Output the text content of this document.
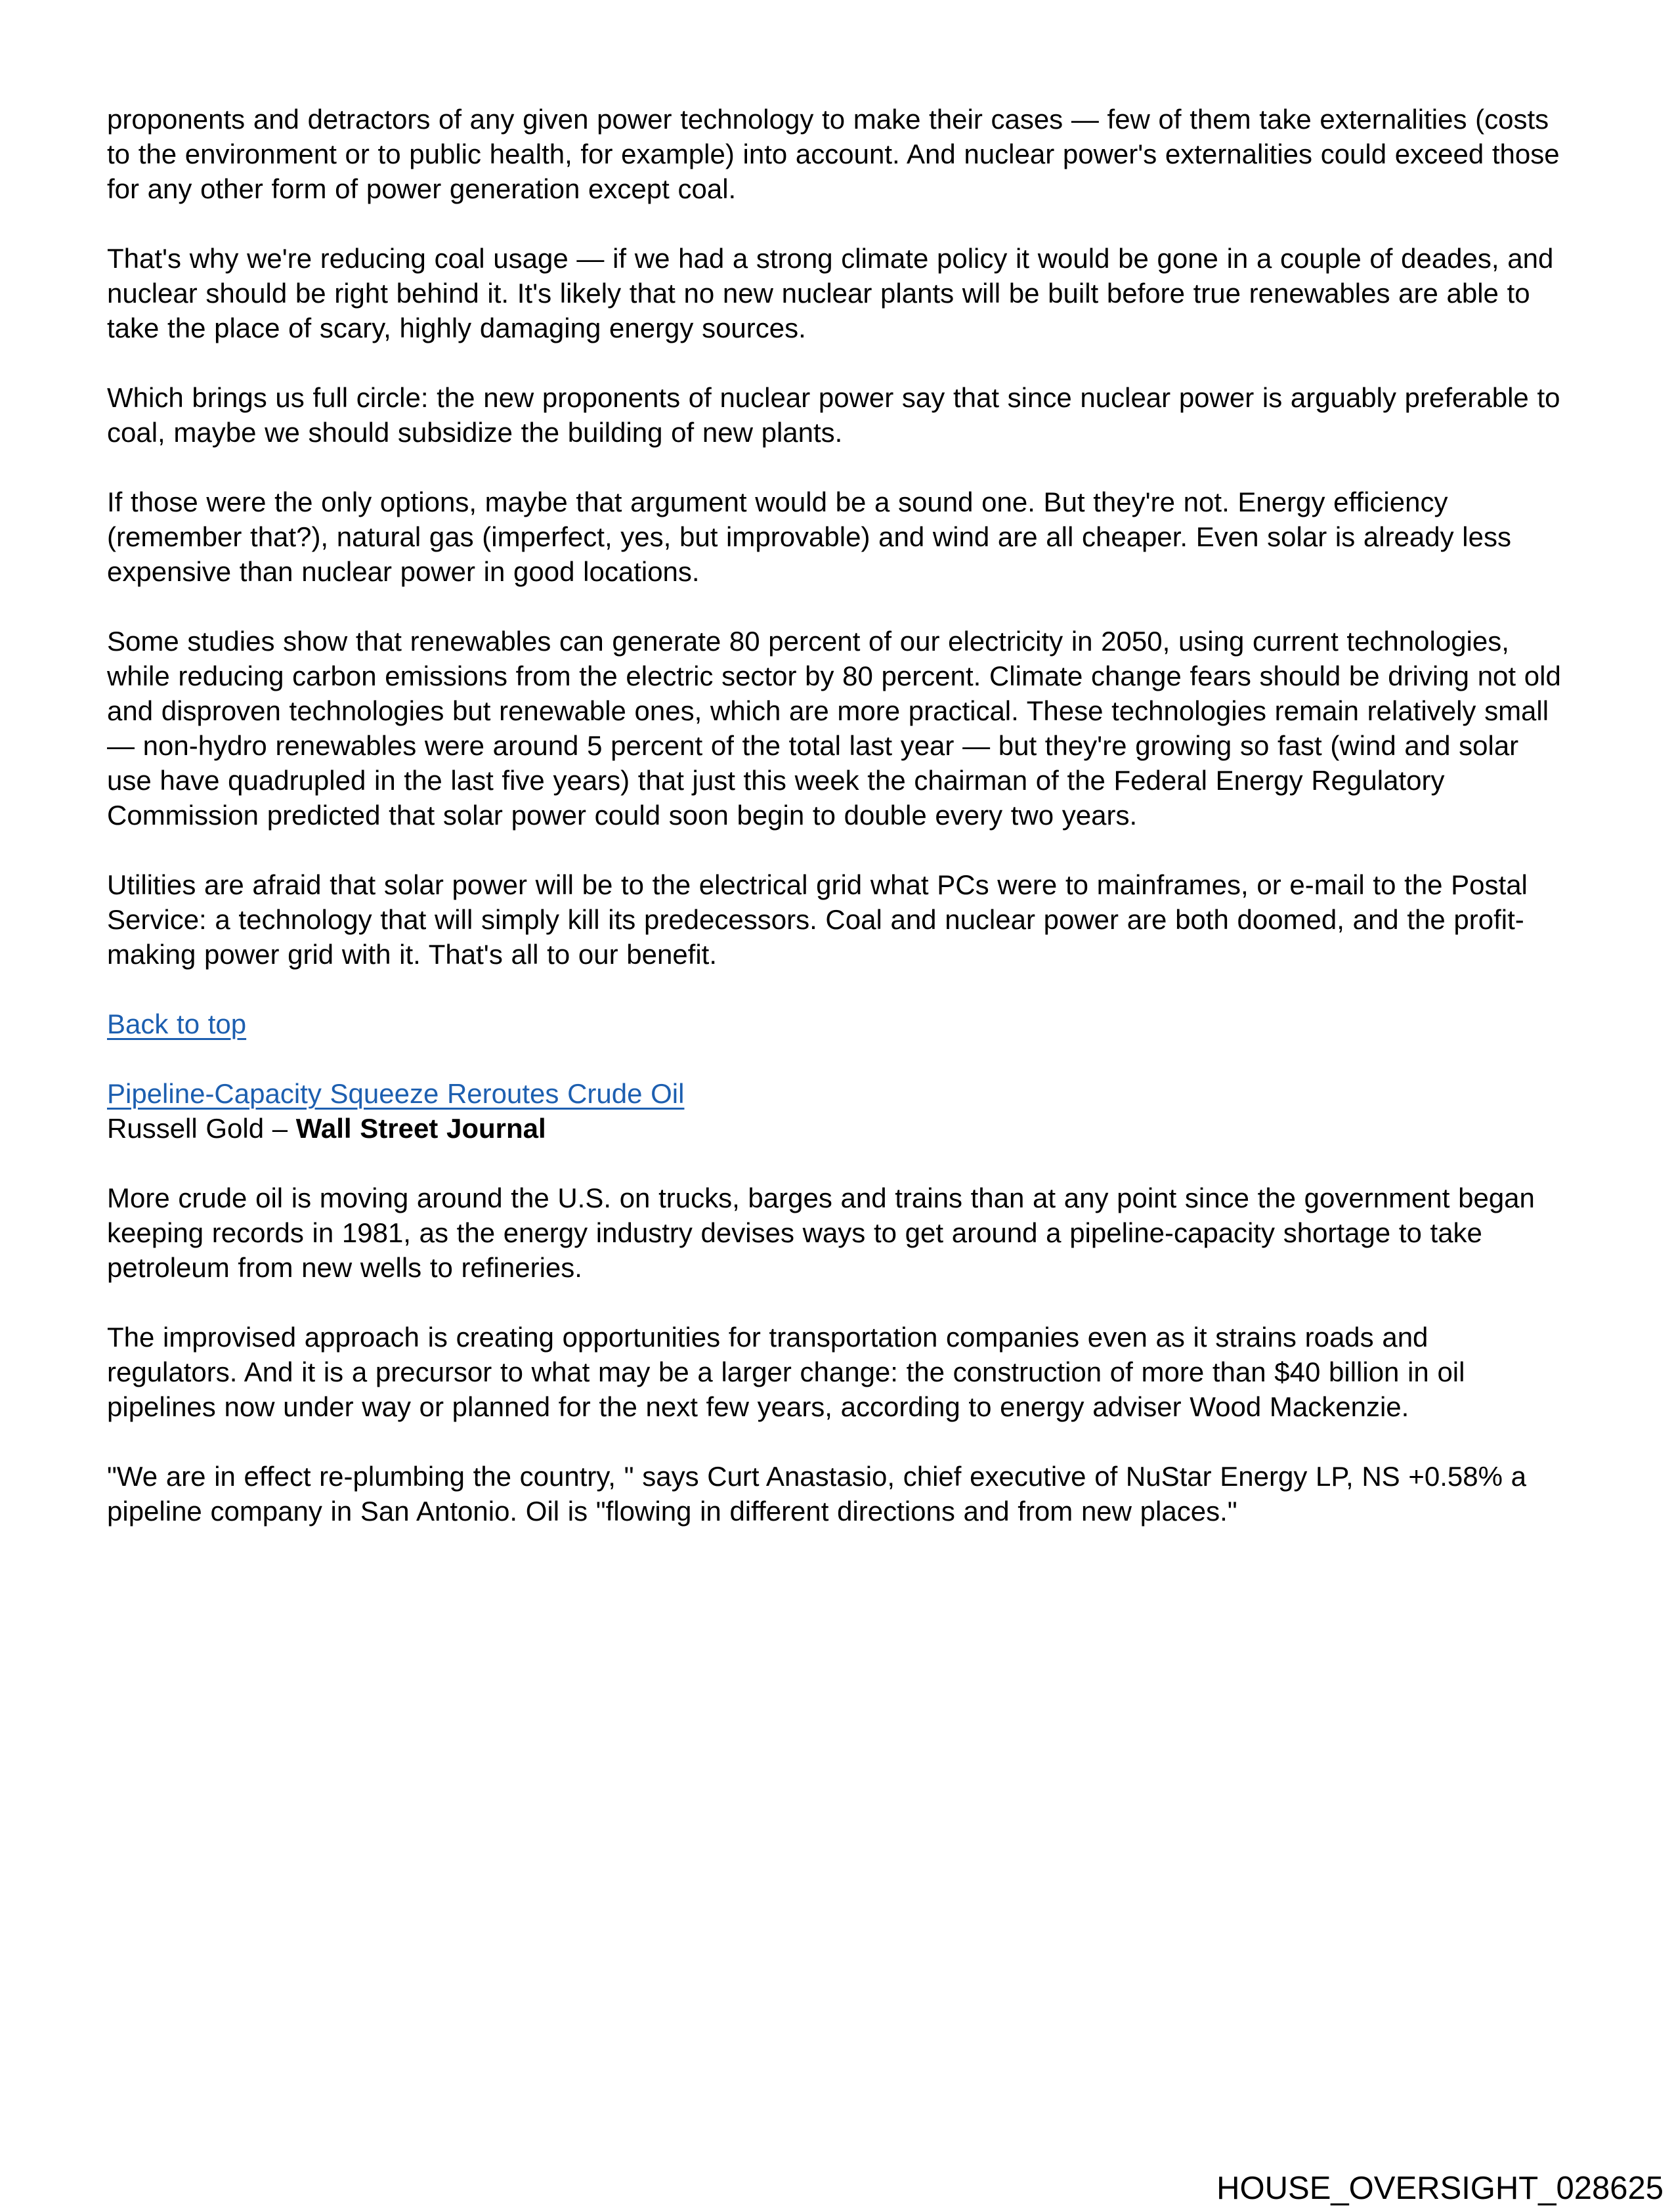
proponents and detractors of any given power technology to make their cases — few of them take externalities (costs to the environment or to public health, for example) into account. And nuclear power's externalities could exceed those for any other form of power generation except coal.

That's why we're reducing coal usage — if we had a strong climate policy it would be gone in a couple of deades, and nuclear should be right behind it. It's likely that no new nuclear plants will be built before true renewables are able to take the place of scary, highly damaging energy sources.

Which brings us full circle: the new proponents of nuclear power say that since nuclear power is arguably preferable to coal, maybe we should subsidize the building of new plants.

If those were the only options, maybe that argument would be a sound one. But they're not. Energy efficiency (remember that?), natural gas (imperfect, yes, but improvable) and wind are all cheaper. Even solar is already less expensive than nuclear power in good locations.

Some studies show that renewables can generate 80 percent of our electricity in 2050, using current technologies, while reducing carbon emissions from the electric sector by 80 percent. Climate change fears should be driving not old and disproven technologies but renewable ones, which are more practical. These technologies remain relatively small — non-hydro renewables were around 5 percent of the total last year — but they're growing so fast (wind and solar use have quadrupled in the last five years) that just this week the chairman of the Federal Energy Regulatory Commission predicted that solar power could soon begin to double every two years.

Utilities are afraid that solar power will be to the electrical grid what PCs were to mainframes, or e-mail to the Postal Service: a technology that will simply kill its predecessors. Coal and nuclear power are both doomed, and the profit-making power grid with it. That's all to our benefit.

Back to top

Pipeline-Capacity Squeeze Reroutes Crude Oil
Russell Gold – Wall Street Journal

More crude oil is moving around the U.S. on trucks, barges and trains than at any point since the government began keeping records in 1981, as the energy industry devises ways to get around a pipeline-capacity shortage to take petroleum from new wells to refineries.

The improvised approach is creating opportunities for transportation companies even as it strains roads and regulators. And it is a precursor to what may be a larger change: the construction of more than $40 billion in oil pipelines now under way or planned for the next few years, according to energy adviser Wood Mackenzie.

"We are in effect re-plumbing the country, " says Curt Anastasio, chief executive of NuStar Energy LP, NS +0.58% a pipeline company in San Antonio. Oil is "flowing in different directions and from new places."

HOUSE_OVERSIGHT_028625
